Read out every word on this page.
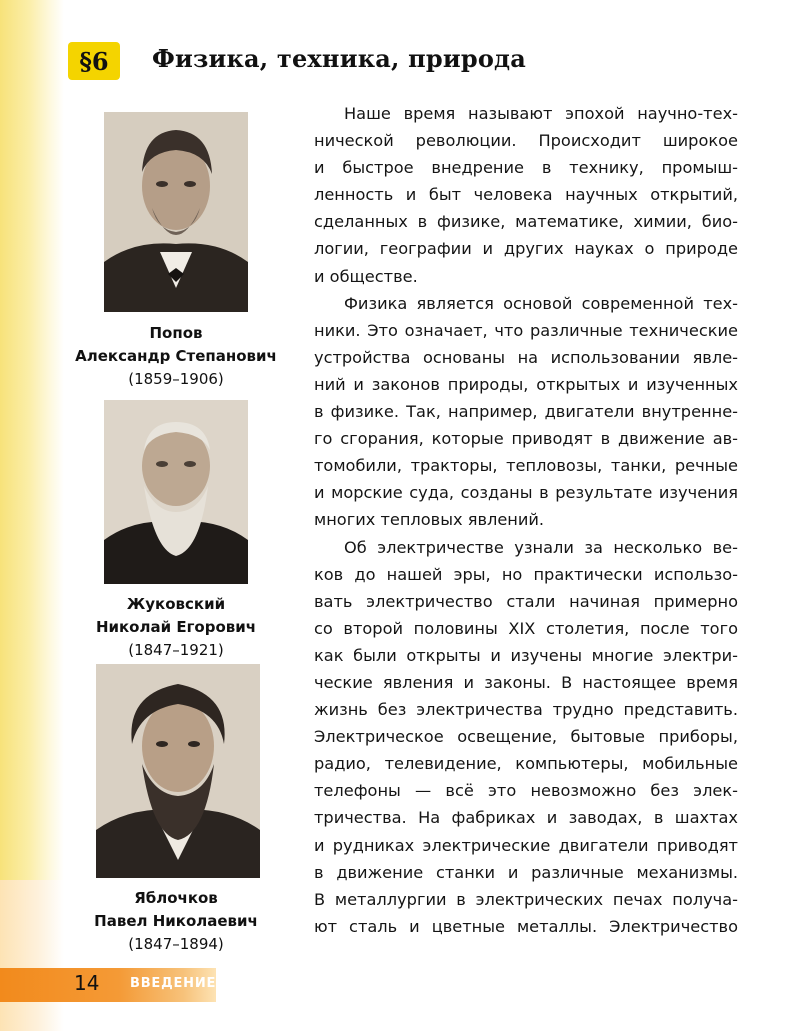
§6	Физика, техника, природа
Попов
Александр Степанович
(1859–1906)
Жуковский
Николай Егорович
(1847–1921)
Яблочков
Павел Николаевич
(1847–1894)
Наше время называют эпохой научно-тех-
нической революции. Происходит широкое
и быстрое внедрение в технику, промыш-
ленность и быт человека научных открытий,
сделанных в физике, математике, химии, био-
логии, географии и других науках о природе
и обществе.
Физика является основой современной тех-
ники. Это означает, что различные технические
устройства основаны на использовании явле-
ний и законов природы, открытых и изученных
в физике. Так, например, двигатели внутренне-
го сгорания, которые приводят в движение ав-
томобили, тракторы, тепловозы, танки, речные
и морские суда, созданы в результате изучения
многих тепловых явлений.
Об электричестве узнали за несколько ве-
ков до нашей эры, но практически использо-
вать электричество стали начиная примерно
со второй половины XIX столетия, после того
как были открыты и изучены многие электри-
ческие явления и законы. В настоящее время
жизнь без электричества трудно представить.
Электрическое освещение, бытовые приборы,
радио, телевидение, компьютеры, мобильные
телефоны — всё это невозможно без элек-
тричества. На фабриках и заводах, в шахтах
и рудниках электрические двигатели приводят
в движение станки и различные механизмы.
В металлургии в электрических печах получа-
ют сталь и цветные металлы. Электричество
14 ВВЕДЕНИЕ
